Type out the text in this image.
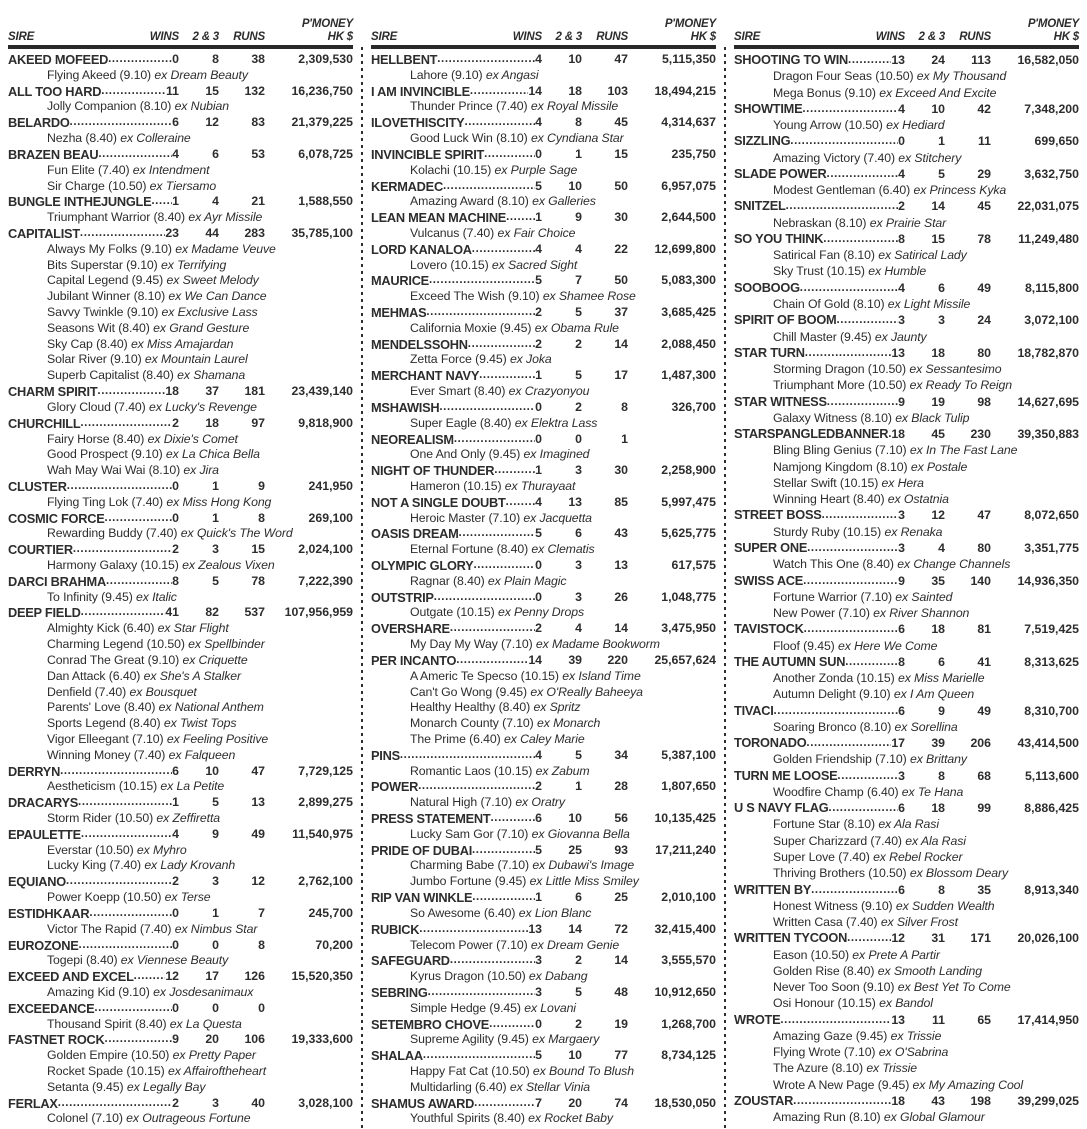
SIRE	WINS	2 & 3	RUNS
P'MONEY
HK $
AKEED MOFEED .....	0	8	38	2,309,530
Flying Akeed (9.10) ex Dream Beauty
ALL TOO HARD .....	11	15	132	16,236,750
Jolly Companion (8.10) ex Nubian
BELARDO .....	6	12	83	21,379,225
Nezha (8.40) ex Colleraine
BRAZEN BEAU .....	4	6	53	6,078,725
Fun Elite (7.40) ex Intendment
Sir Charge (10.50) ex Tiersamo
BUNGLE INTHEJUNGLE ..... 1	4	21	1,588,550
Triumphant Warrior (8.40) ex Ayr Missile
CAPITALIST .....	23	44	283	35,785,100
Always My Folks (9.10) ex Madame Veuve
Bits Superstar (9.10) ex Terrifying
Capital Legend (9.45) ex Sweet Melody
Jubilant Winner (8.10) ex We Can Dance
Savvy Twinkle (9.10) ex Exclusive Lass
Seasons Wit (8.40) ex Grand Gesture
Sky Cap (8.40) ex Miss Amajardan
Solar River (9.10) ex Mountain Laurel
Superb Capitalist (8.40) ex Shamana
CHARM SPIRIT .....	18	37	181	23,439,140
Glory Cloud (7.40) ex Lucky's Revenge
CHURCHILL .....	2	18	97	9,818,900
Fairy Horse (8.40) ex Dixie's Comet
Good Prospect (9.10) ex La Chica Bella
Wah May Wai Wai (8.10) ex Jira
CLUSTER .....	0	1	9	241,950
Flying Ting Lok (7.40) ex Miss Hong Kong
COSMIC FORCE .....	0	1	8	269,100
Rewarding Buddy (7.40) ex Quick's The Word
COURTIER .....	2	3	15	2,024,100
Harmony Galaxy (10.15) ex Zealous Vixen
DARCI BRAHMA .....	8	5	78	7,222,390
To Infinity (9.45) ex Italic
DEEP FIELD .....	41	82	537	107,956,959
Almighty Kick (6.40) ex Star Flight
Charming Legend (10.50) ex Spellbinder
Conrad The Great (9.10) ex Criquette
Dan Attack (6.40) ex She's A Stalker
Denfield (7.40) ex Bousquet
Parents' Love (8.40) ex National Anthem
Sports Legend (8.40) ex Twist Tops
Vigor Elleegant (7.10) ex Feeling Positive
Winning Money (7.40) ex Falqueen
DERRYN .....	6	10	47	7,729,125
Aestheticism (10.15) ex La Petite
DRACARYS .....	1	5	13	2,899,275
Storm Rider (10.50) ex Zeffiretta
EPAULETTE .....	4	9	49	11,540,975
Everstar (10.50) ex Myhro
Lucky King (7.40) ex Lady Krovanh
EQUIANO .....	2	3	12	2,762,100
Power Koepp (10.50) ex Terse
ESTIDHKAAR .....	0	1	7	245,700
Victor The Rapid (7.40) ex Nimbus Star
EUROZONE .....	0	0	8	70,200
Togepi (8.40) ex Viennese Beauty
EXCEED AND EXCEL .....	12	17	126	15,520,350
Amazing Kid (9.10) ex Josdesanimaux
EXCEEDANCE .....	0	0	0
Thousand Spirit (8.40) ex La Questa
FASTNET ROCK .....	9	20	106	19,333,600
Golden Empire (10.50) ex Pretty Paper
Rocket Spade (10.15) ex Affairoftheheart
Setanta (9.45) ex Legally Bay
FERLAX .....	2	3	40	3,028,100
Colonel (7.10) ex Outrageous Fortune
SIRE	WINS	2 & 3	RUNS
P'MONEY
HK $
HELLBENT .....	4	10	47	5,115,350
Lahore (9.10) ex Angasi
I AM INVINCIBLE .....	14	18	103	18,494,215
Thunder Prince (7.40) ex Royal Missile
ILOVETHISCITY .....	4	8	45	4,314,637
Good Luck Win (8.10) ex Cyndiana Star
INVINCIBLE SPIRIT .....	0	1	15	235,750
Kolachi (10.15) ex Purple Sage
KERMADEC .....	5	10	50	6,957,075
Amazing Award (8.10) ex Galleries
LEAN MEAN MACHINE ..... 1	9	30	2,644,500
Vulcanus (7.40) ex Fair Choice
LORD KANALOA .....	4	4	22	12,699,800
Lovero (10.15) ex Sacred Sight
MAURICE .....	5	7	50	5,083,300
Exceed The Wish (9.10) ex Shamee Rose
MEHMAS .....	2	5	37	3,685,425
California Moxie (9.45) ex Obama Rule
MENDELSSOHN .....	2	2	14	2,088,450
Zetta Force (9.45) ex Joka
MERCHANT NAVY .....	1	5	17	1,487,300
Ever Smart (8.40) ex Crazyonyou
MSHAWISH .....	0	2	8	326,700
Super Eagle (8.40) ex Elektra Lass
NEOREALISM .....	0	0	1
One And Only (9.45) ex Imagined
NIGHT OF THUNDER .....	1	3	30	2,258,900
Hameron (10.15) ex Thurayaat
NOT A SINGLE DOUBT ..... 4	13	85	5,997,475
Heroic Master (7.10) ex Jacquetta
OASIS DREAM .....	5	6	43	5,625,775
Eternal Fortune (8.40) ex Clematis
OLYMPIC GLORY .....	0	3	13	617,575
Ragnar (8.40) ex Plain Magic
OUTSTRIP .....	0	3	26	1,048,775
Outgate (10.15) ex Penny Drops
OVERSHARE .....	2	4	14	3,475,950
My Day My Way (7.10) ex Madame Bookworm
PER INCANTO .....	14	39	220	25,657,624
A Americ Te Specso (10.15) ex Island Time
Can't Go Wong (9.45) ex O'Really Baheeya
Healthy Healthy (8.40) ex Spritz
Monarch County (7.10) ex Monarch
The Prime (6.40) ex Caley Marie
PINS .....	4	5	34	5,387,100
Romantic Laos (10.15) ex Zabum
POWER .....	2	1	28	1,807,650
Natural High (7.10) ex Oratry
PRESS STATEMENT .....	6	10	56	10,135,425
Lucky Sam Gor (7.10) ex Giovanna Bella
PRIDE OF DUBAI .....	5	25	93	17,211,240
Charming Babe (7.10) ex Dubawi's Image
Jumbo Fortune (9.45) ex Little Miss Smiley
RIP VAN WINKLE .....	1	6	25	2,010,100
So Awesome (6.40) ex Lion Blanc
RUBICK .....	13	14	72	32,415,400
Telecom Power (7.10) ex Dream Genie
SAFEGUARD .....	3	2	14	3,555,570
Kyrus Dragon (10.50) ex Dabang
SEBRING .....	3	5	48	10,912,650
Simple Hedge (9.45) ex Lovani
SETEMBRO CHOVE .....	0	2	19	1,268,700
Supreme Agility (9.45) ex Margaery
SHALAA .....	5	10	77	8,734,125
Happy Fat Cat (10.50) ex Bound To Blush
Multidarling (6.40) ex Stellar Vinia
SHAMUS AWARD .....	7	20	74	18,530,050
Youthful Spirits (8.40) ex Rocket Baby
SIRE	WINS	2 & 3	RUNS
P'MONEY
HK $
SHOOTING TO WIN .....	13	24	113	16,582,050
Dragon Four Seas (10.50) ex My Thousand
Mega Bonus (9.10) ex Exceed And Excite
SHOWTIME .....	4	10	42	7,348,200
Young Arrow (10.50) ex Hediard
SIZZLING .....	0	1	11	699,650
Amazing Victory (7.40) ex Stitchery
SLADE POWER .....	4	5	29	3,632,750
Modest Gentleman (6.40) ex Princess Kyka
SNITZEL .....	2	14	45	22,031,075
Nebraskan (8.10) ex Prairie Star
SO YOU THINK .....	8	15	78	11,249,480
Satirical Fan (8.10) ex Satirical Lady
Sky Trust (10.15) ex Humble
SOOBOOG .....	4	6	49	8,115,800
Chain Of Gold (8.10) ex Light Missile
SPIRIT OF BOOM .....	3	3	24	3,072,100
Chill Master (9.45) ex Jaunty
STAR TURN .....	13	18	80	18,782,870
Storming Dragon (10.50) ex Sessantesimo
Triumphant More (10.50) ex Ready To Reign
STAR WITNESS .....	9	19	98	14,627,695
Galaxy Witness (8.10) ex Black Tulip
STARSPANGLEDBANNER ..... 18	45	230	39,350,883
Bling Bling Genius (7.10) ex In The Fast Lane
Namjong Kingdom (8.10) ex Postale
Stellar Swift (10.15) ex Hera
Winning Heart (8.40) ex Ostatnia
STREET BOSS .....	3	12	47	8,072,650
Sturdy Ruby (10.15) ex Renaka
SUPER ONE .....	3	4	80	3,351,775
Watch This One (8.40) ex Change Channels
SWISS ACE .....	9	35	140	14,936,350
Fortune Warrior (7.10) ex Sainted
New Power (7.10) ex River Shannon
TAVISTOCK .....	6	18	81	7,519,425
Floof (9.45) ex Here We Come
THE AUTUMN SUN .....	8	6	41	8,313,625
Another Zonda (10.15) ex Miss Marielle
Autumn Delight (9.10) ex I Am Queen
TIVACI .....	6	9	49	8,310,700
Soaring Bronco (8.10) ex Sorellina
TORONADO .....	17	39	206	43,414,500
Golden Friendship (7.10) ex Brittany
TURN ME LOOSE .....	3	8	68	5,113,600
Woodfire Champ (6.40) ex Te Hana
U S NAVY FLAG .....	6	18	99	8,886,425
Fortune Star (8.10) ex Ala Rasi
Super Charizzard (7.40) ex Ala Rasi
Super Love (7.40) ex Rebel Rocker
Thriving Brothers (10.50) ex Blossom Deary
WRITTEN BY .....	6	8	35	8,913,340
Honest Witness (9.10) ex Sudden Wealth
Written Casa (7.40) ex Silver Frost
WRITTEN TYCOON .....	12	31	171	20,026,100
Eason (10.50) ex Prete A Partir
Golden Rise (8.40) ex Smooth Landing
Never Too Soon (9.10) ex Best Yet To Come
Osi Honour (10.15) ex Bandol
WROTE .....	13	11	65	17,414,950
Amazing Gaze (9.45) ex Trissie
Flying Wrote (7.10) ex O'Sabrina
The Azure (8.10) ex Trissie
Wrote A New Page (9.45) ex My Amazing Cool
ZOUSTAR .....	18	43	198	39,299,025
Amazing Run (8.10) ex Global Glamour
